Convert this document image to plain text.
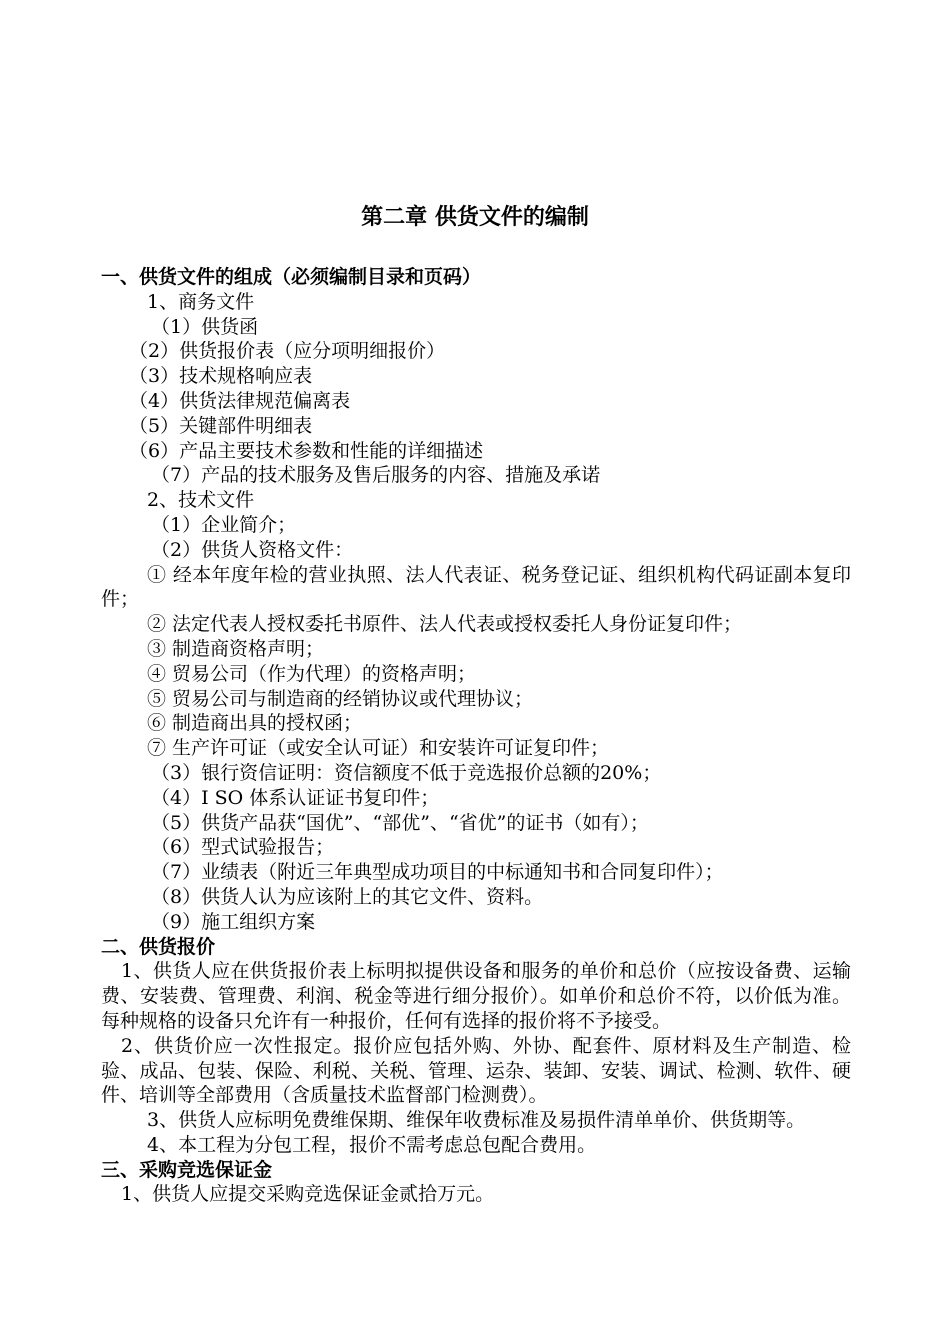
第二章 供货文件的编制
一、供货文件的组成（必须编制目录和页码）
1、商务文件
（1）供货函
（2）供货报价表（应分项明细报价）
（3）技术规格响应表
（4）供货法律规范偏离表
（5）关键部件明细表
（6）产品主要技术参数和性能的详细描述
（7）产品的技术服务及售后服务的内容、措施及承诺
2、技术文件
（1）企业简介；
（2）供货人资格文件：
① 经本年度年检的营业执照、法人代表证、税务登记证、组织机构代码证副本复印件；
② 法定代表人授权委托书原件、法人代表或授权委托人身份证复印件；
③ 制造商资格声明；
④ 贸易公司（作为代理）的资格声明；
⑤ 贸易公司与制造商的经销协议或代理协议；
⑥ 制造商出具的授权函；
⑦ 生产许可证（或安全认可证）和安装许可证复印件；
（3）银行资信证明：资信额度不低于竞选报价总额的20%；
（4）I SO 体系认证证书复印件；
（5）供货产品获“国优”、“部优”、“省优”的证书（如有）；
（6）型式试验报告；
（7）业绩表（附近三年典型成功项目的中标通知书和合同复印件）；
（8）供货人认为应该附上的其它文件、资料。
（9）施工组织方案
二、供货报价
1、供货人应在供货报价表上标明拟提供设备和服务的单价和总价（应按设备费、运输费、安装费、管理费、利润、税金等进行细分报价）。如单价和总价不符，以价低为准。每种规格的设备只允许有一种报价，任何有选择的报价将不予接受。
2、供货价应一次性报定。报价应包括外购、外协、配套件、原材料及生产制造、检验、成品、包装、保险、利税、关税、管理、运杂、装卸、安装、调试、检测、软件、硬件、培训等全部费用（含质量技术监督部门检测费）。
3、供货人应标明免费维保期、维保年收费标准及易损件清单单价、供货期等。
4、本工程为分包工程，报价不需考虑总包配合费用。
三、采购竞选保证金
1、供货人应提交采购竞选保证金贰拾万元。
